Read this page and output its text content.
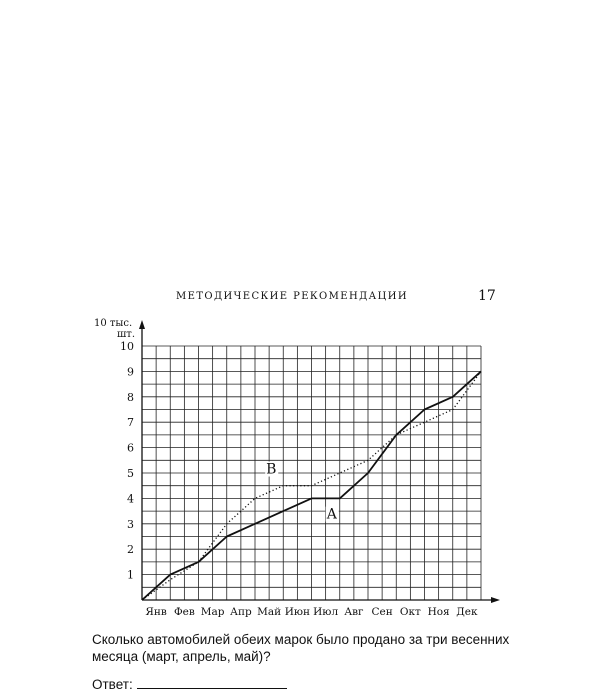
МЕТОДИЧЕСКИЕ РЕКОМЕНДАЦИИ	17
10 тыс.
шт.
1
2
3
4
5
6
7
8
9
10
Янв Фев Мар Апр Май Июн Июл Авг Сен Окт Ноя Дек
A
B

Сколько автомобилей обеих марок было продано за три весенних месяца (март, апрель, май)?

Ответ:
